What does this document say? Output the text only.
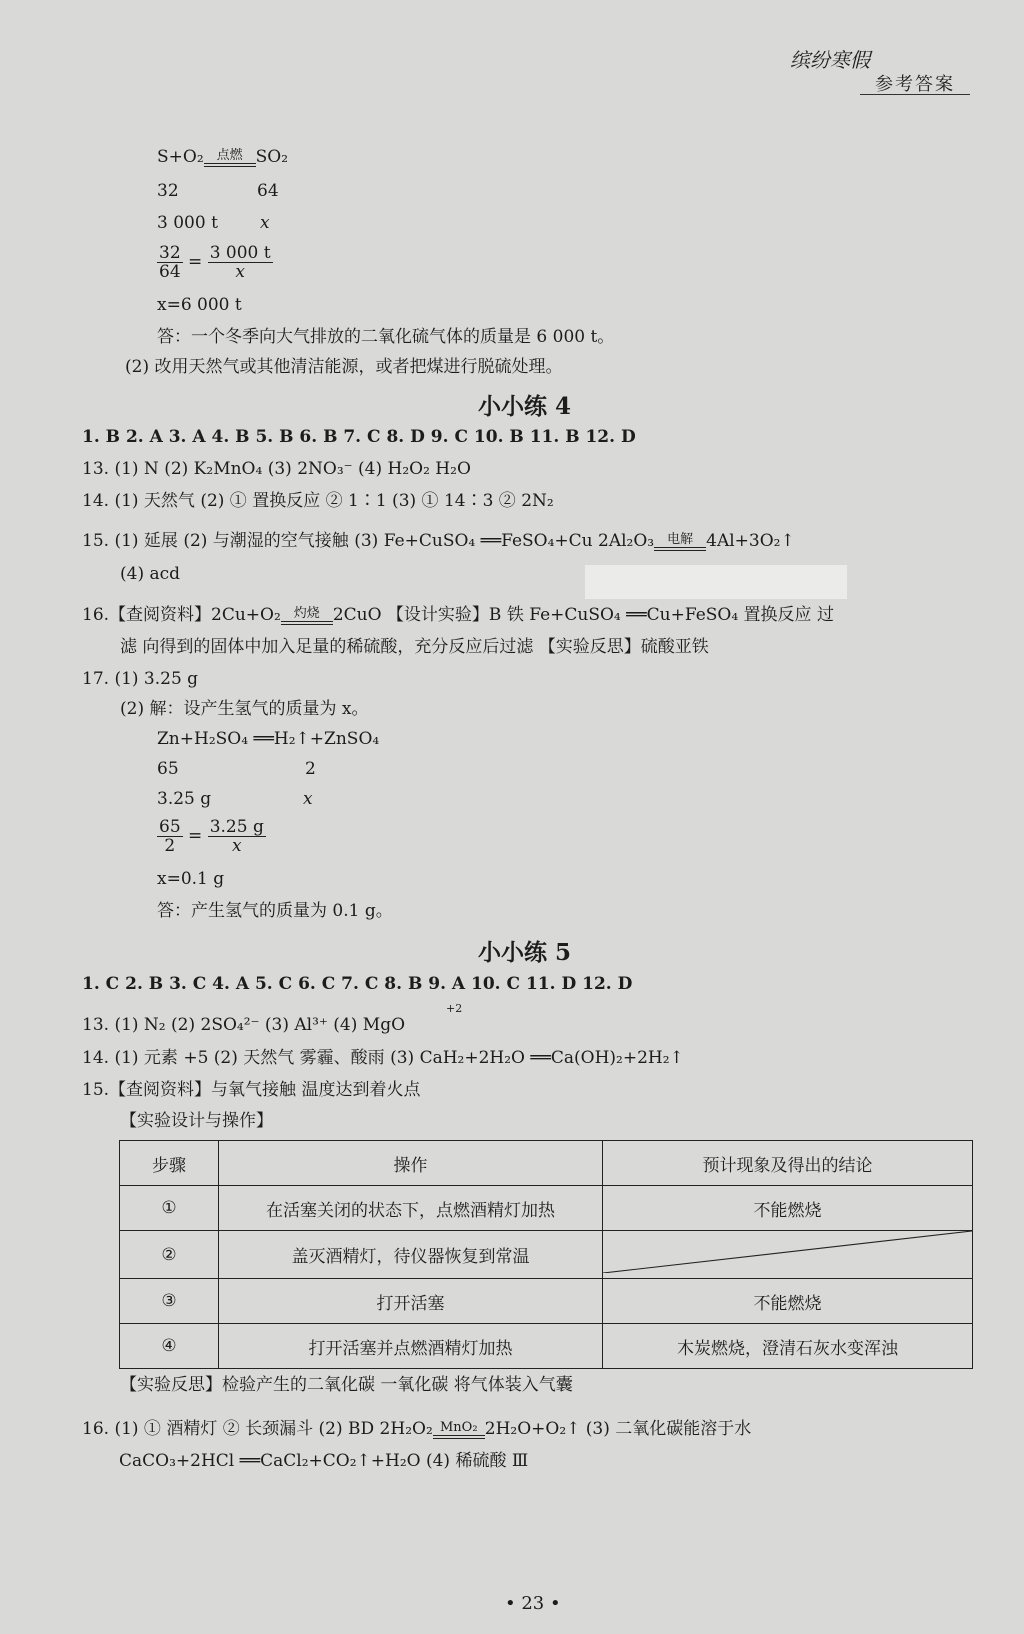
缤纷寒假
参考答案
S+O₂ 点燃 SO₂
32	64
3 000 t x
$\frac{32}{64} = \frac{3 000 t}{x}$
x=6 000 t
答：一个冬季向大气排放的二氧化硫气体的质量是 6 000 t。
(2) 改用天然气或其他清洁能源，或者把煤进行脱硫处理。
小小练 4
1. B 2. A 3. A 4. B 5. B 6. B 7. C 8. D 9. C 10. B 11. B 12. D
13. (1) N (2) K₂MnO₄ (3) 2NO₃⁻ (4) H₂O₂ H₂O
14. (1) 天然气 (2) ① 置换反应 ② 1∶1 (3) ① 14∶3 ② 2N₂
15. (1) 延展 (2) 与潮湿的空气接触 (3) Fe+CuSO₄ ══FeSO₄+Cu 2Al₂O₃ 电解 4Al+3O₂↑
(4) acd
16.【查阅资料】2Cu+O₂ 灼烧 2CuO 【设计实验】B 铁 Fe+CuSO₄ ══Cu+FeSO₄ 置换反应 过
滤 向得到的固体中加入足量的稀硫酸，充分反应后过滤 【实验反思】硫酸亚铁
17. (1) 3.25 g
(2) 解：设产生氢气的质量为 x。
Zn+H₂SO₄ ══H₂↑+ZnSO₄
65	2
3.25 g	x
$\frac{65}{2} = \frac{3.25 g}{x}$
x=0.1 g
答：产生氢气的质量为 0.1 g。
小小练 5
1. C 2. B 3. C 4. A 5. C 6. C 7. C 8. B 9. A 10. C 11. D 12. D
+2
13. (1) N₂ (2) 2SO₄²⁻ (3) Al³⁺ (4) MgO
14. (1) 元素 +5 (2) 天然气 雾霾、酸雨 (3) CaH₂+2H₂O ══Ca(OH)₂+2H₂↑
15.【查阅资料】与氧气接触 温度达到着火点
【实验设计与操作】
步骤	操作	预计现象及得出的结论
①	在活塞关闭的状态下，点燃酒精灯加热	不能燃烧
②	盖灭酒精灯，待仪器恢复到常温	
③	打开活塞	不能燃烧
④	打开活塞并点燃酒精灯加热	木炭燃烧，澄清石灰水变浑浊
【实验反思】检验产生的二氧化碳 一氧化碳 将气体装入气囊
16. (1) ① 酒精灯 ② 长颈漏斗 (2) BD 2H₂O₂ MnO₂ 2H₂O+O₂↑ (3) 二氧化碳能溶于水
CaCO₃+2HCl ══CaCl₂+CO₂↑+H₂O (4) 稀硫酸 Ⅲ
• 23 •
